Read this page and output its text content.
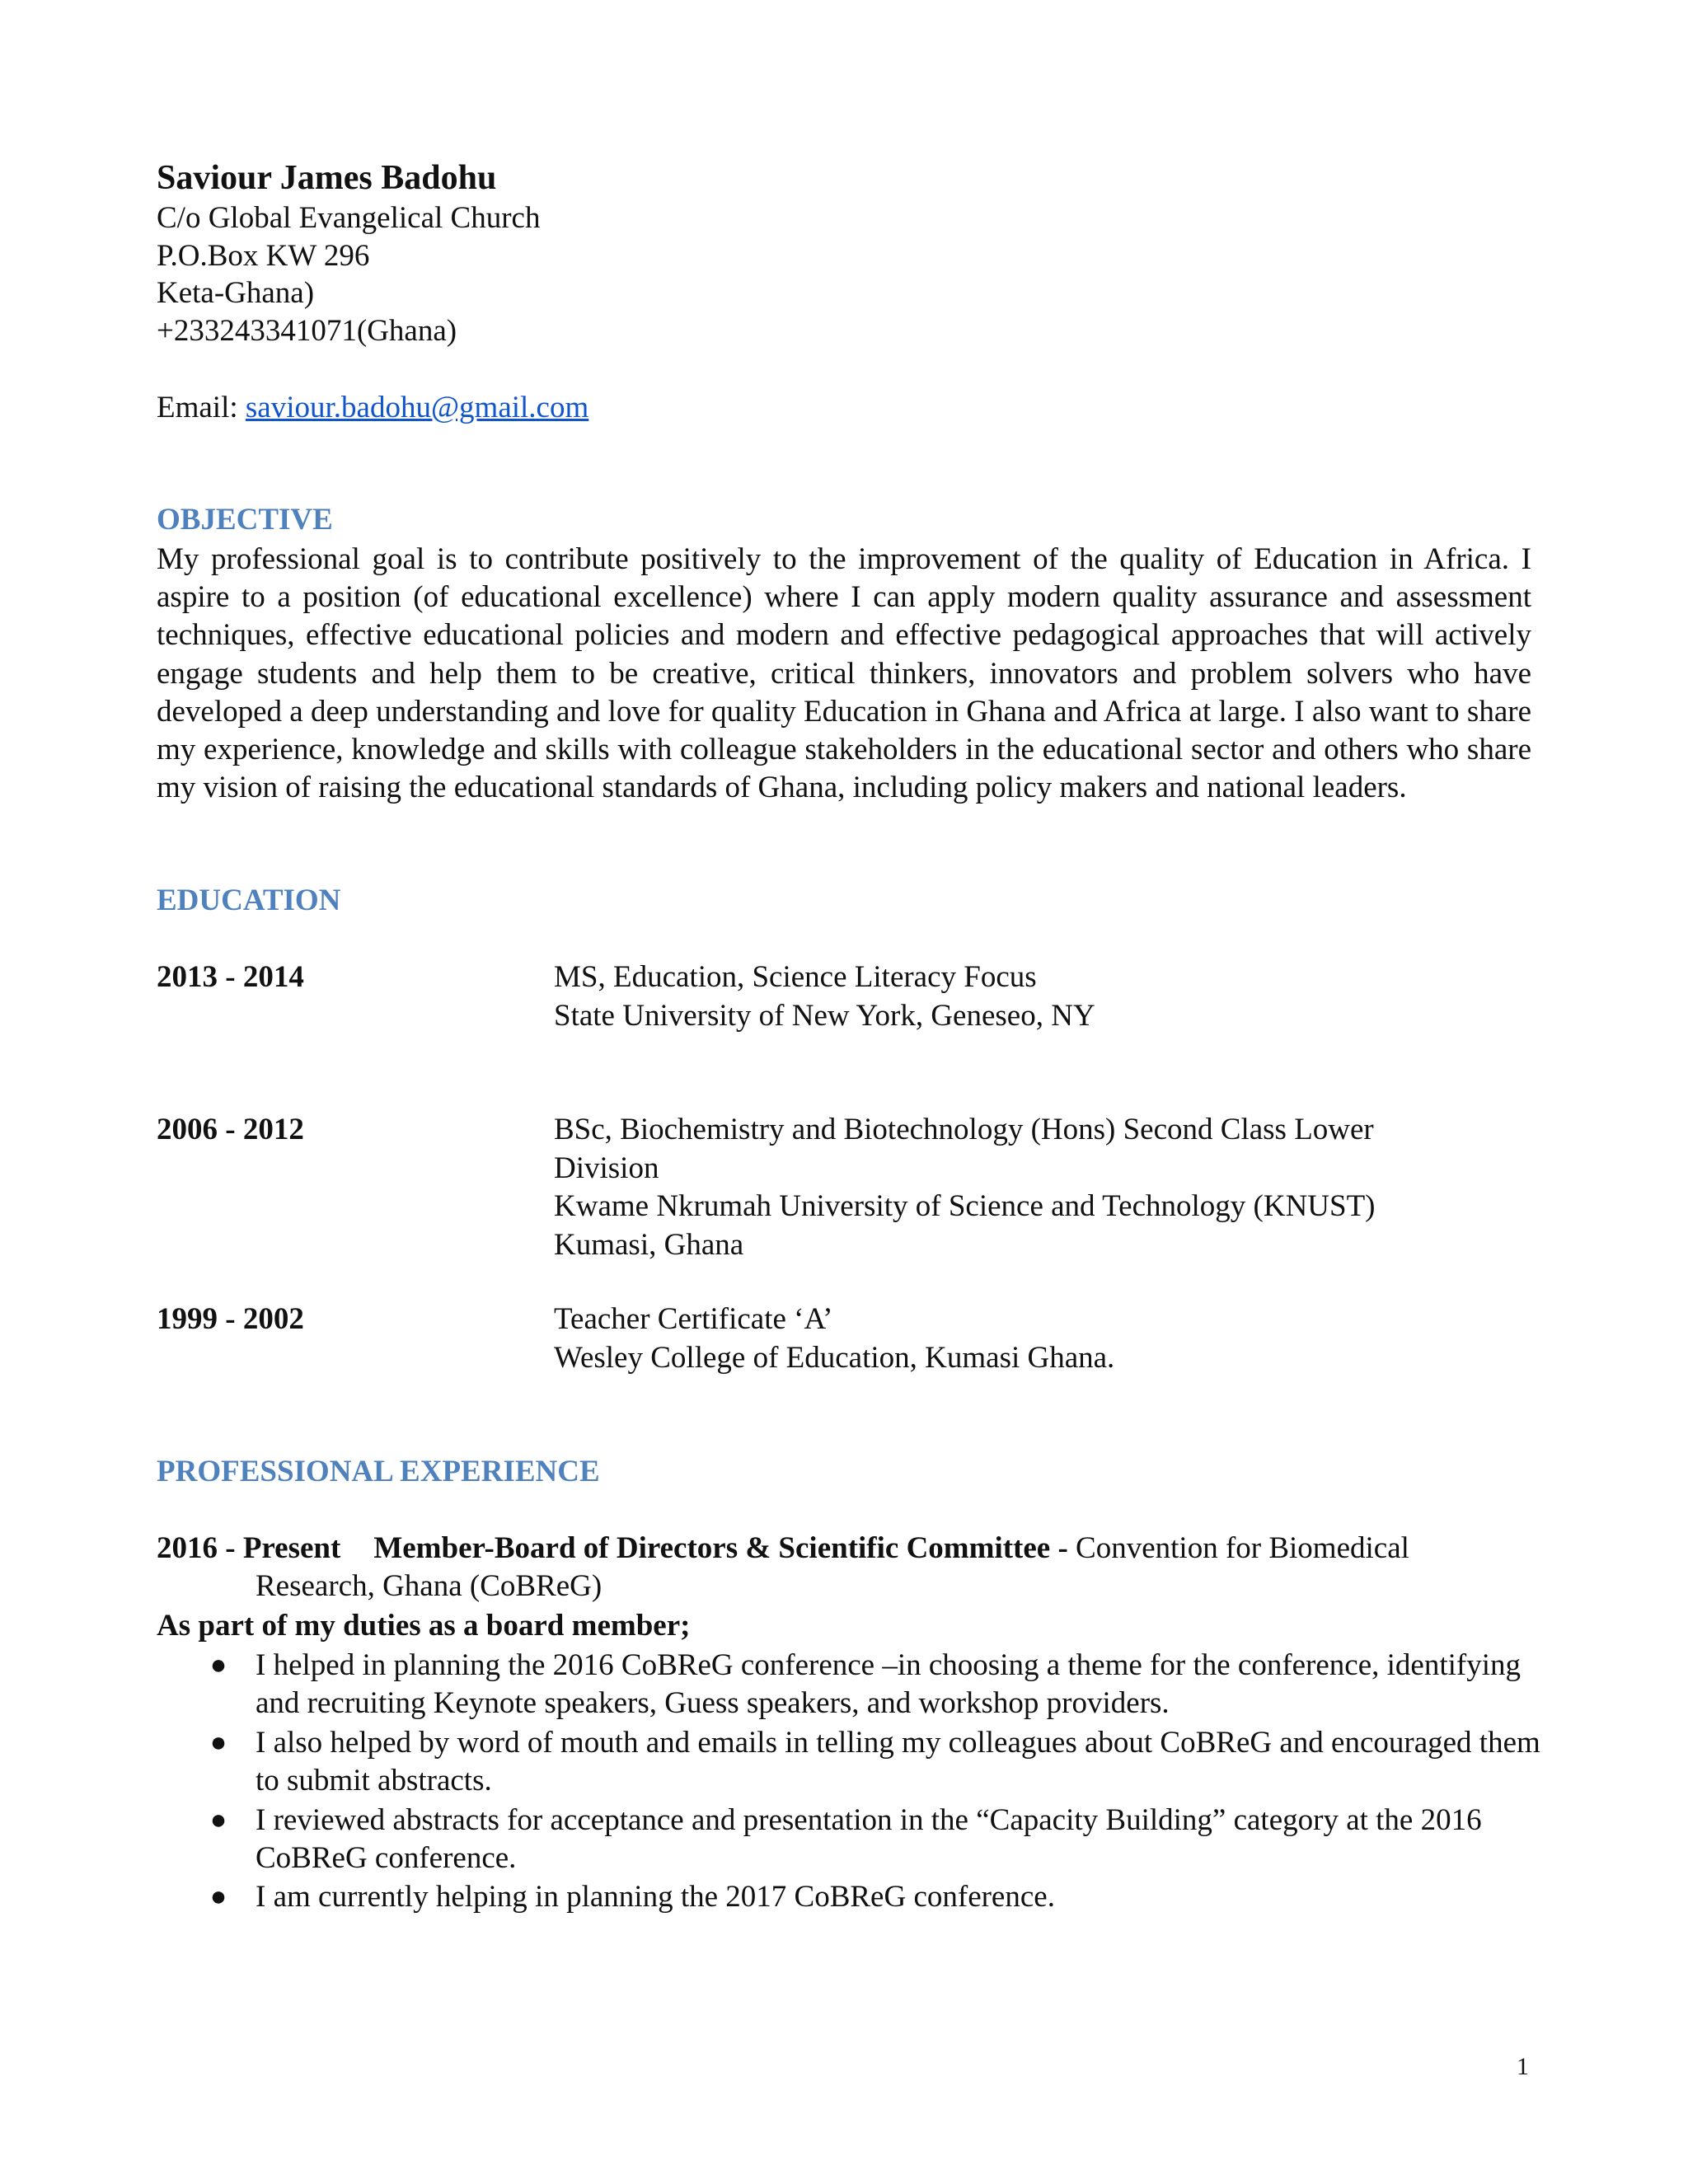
Saviour James Badohu
C/o Global Evangelical Church
P.O.Box KW 296
Keta-Ghana)
+233243341071(Ghana)
Email: saviour.badohu@gmail.com
OBJECTIVE
My professional goal is to contribute positively to the improvement of the quality of Education in Africa. I aspire to a position (of educational excellence) where I can apply modern quality assurance and assessment techniques, effective educational policies and modern and effective pedagogical approaches that will actively engage students and help them to be creative, critical thinkers, innovators and problem solvers who have developed a deep understanding and love for quality Education in Ghana and Africa at large. I also want to share my experience, knowledge and skills with colleague stakeholders in the educational sector and others who share my vision of raising the educational standards of Ghana, including policy makers and national leaders.
EDUCATION
2013 - 2014	MS, Education, Science Literacy Focus
State University of New York, Geneseo, NY
2006 - 2012	BSc, Biochemistry and Biotechnology (Hons) Second Class Lower Division
Kwame Nkrumah University of Science and Technology (KNUST)
Kumasi, Ghana
1999 - 2002	Teacher Certificate ‘A’
Wesley College of Education, Kumasi Ghana.
PROFESSIONAL EXPERIENCE
2016 - Present Member-Board of Directors & Scientific Committee - Convention for Biomedical
Research, Ghana (CoBReG)
As part of my duties as a board member;
● I helped in planning the 2016 CoBReG conference –in choosing a theme for the conference, identifying and recruiting Keynote speakers, Guess speakers, and workshop providers.
● I also helped by word of mouth and emails in telling my colleagues about CoBReG and encouraged them to submit abstracts.
● I reviewed abstracts for acceptance and presentation in the “Capacity Building” category at the 2016 CoBReG conference.
● I am currently helping in planning the 2017 CoBReG conference.
1
